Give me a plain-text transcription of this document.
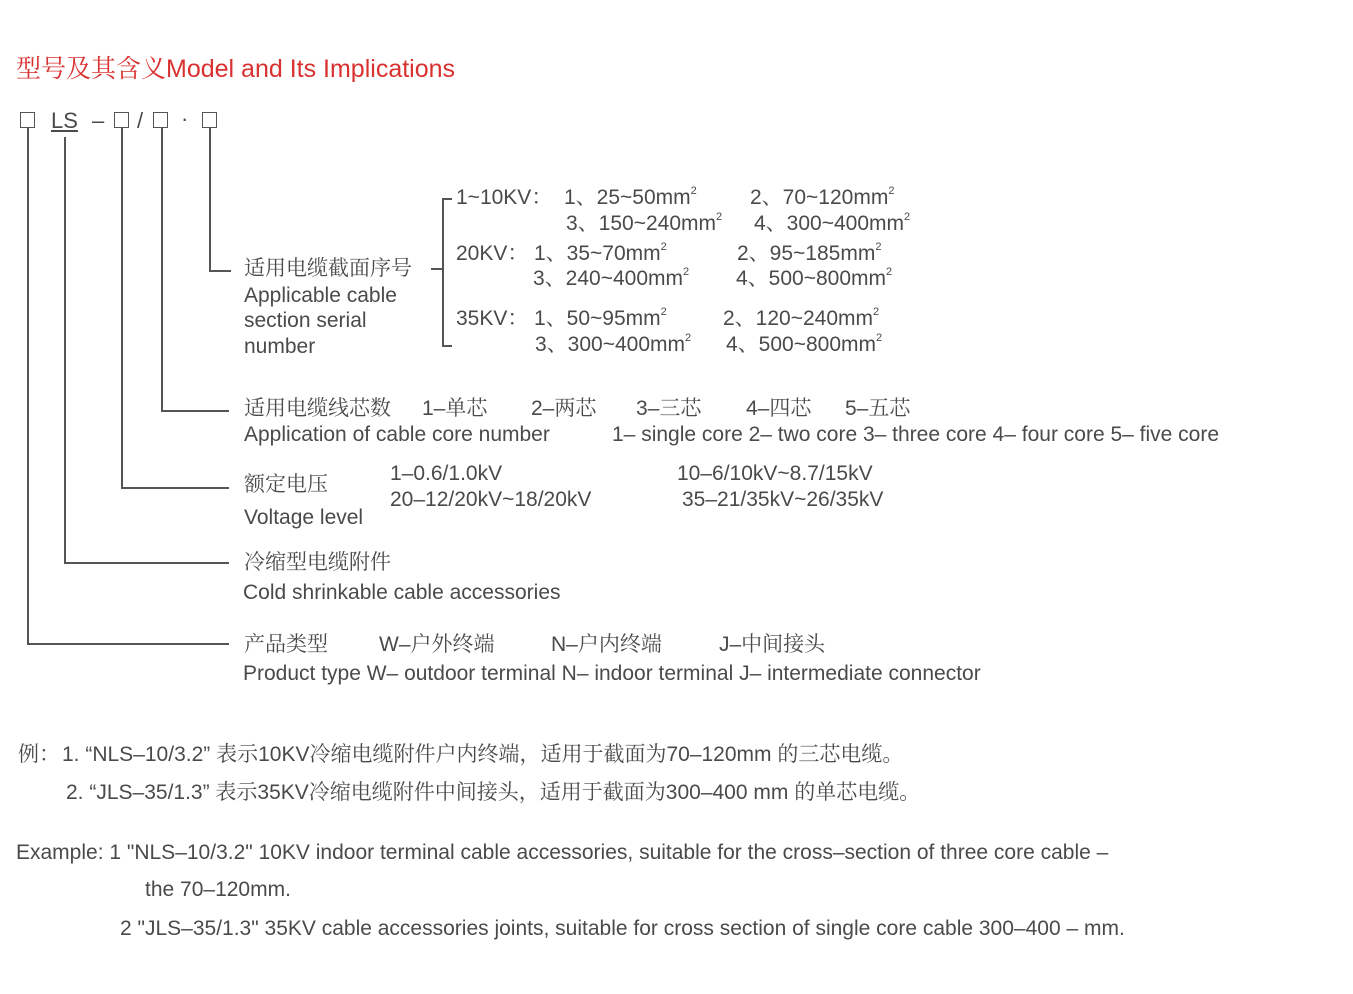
型号及其含义Model and Its Implications
LS – / ·
适用电缆截面序号
Applicable cable
section serial
number
1~10KV： 1、$25\sim 50mm^2$	2、$70\sim 120mm^2$
3、$150\sim 240mm^2$ 4、$300\sim 400mm^2$
20KV： 1、$35\sim 70mm^2$	2、$95\sim 185mm^2$
3、$240\sim 400mm^2$ 4、$500\sim 800mm^2$
35KV： 1、$50\sim 95mm^2$	2、$120\sim 240mm^2$
3、$300\sim 400mm^2$ 4、$500\sim 800mm^2$
适用电缆线芯数 1–单芯 2–两芯 3–三芯 4–四芯 5–五芯
Application of cable core number	1– single core 2– two core 3– three core 4– four core 5– five core
额定电压
Voltage level
1–0.6/1.0kV	10–6/10kV~8.7/15kV
20–12/20kV~18/20kV	35–21/35kV~26/35kV
冷缩型电缆附件
Cold shrinkable cable accessories
产品类型 W–户外终端	N–户内终端	J–中间接头
Product type W– outdoor terminal N– indoor terminal J– intermediate connector
例： 1. “NLS–10/3.2” 表示10KV冷缩电缆附件户内终端，适用于截面为70–120mm 的三芯电缆。
2. “JLS–35/1.3” 表示35KV冷缩电缆附件中间接头，适用于截面为300–400 mm 的单芯电缆。
Example: 1 "NLS–10/3.2" 10KV indoor terminal cable accessories, suitable for the cross–section of three core cable –
the 70–120mm.
2 "JLS–35/1.3" 35KV cable accessories joints, suitable for cross section of single core cable 300–400 – mm.
